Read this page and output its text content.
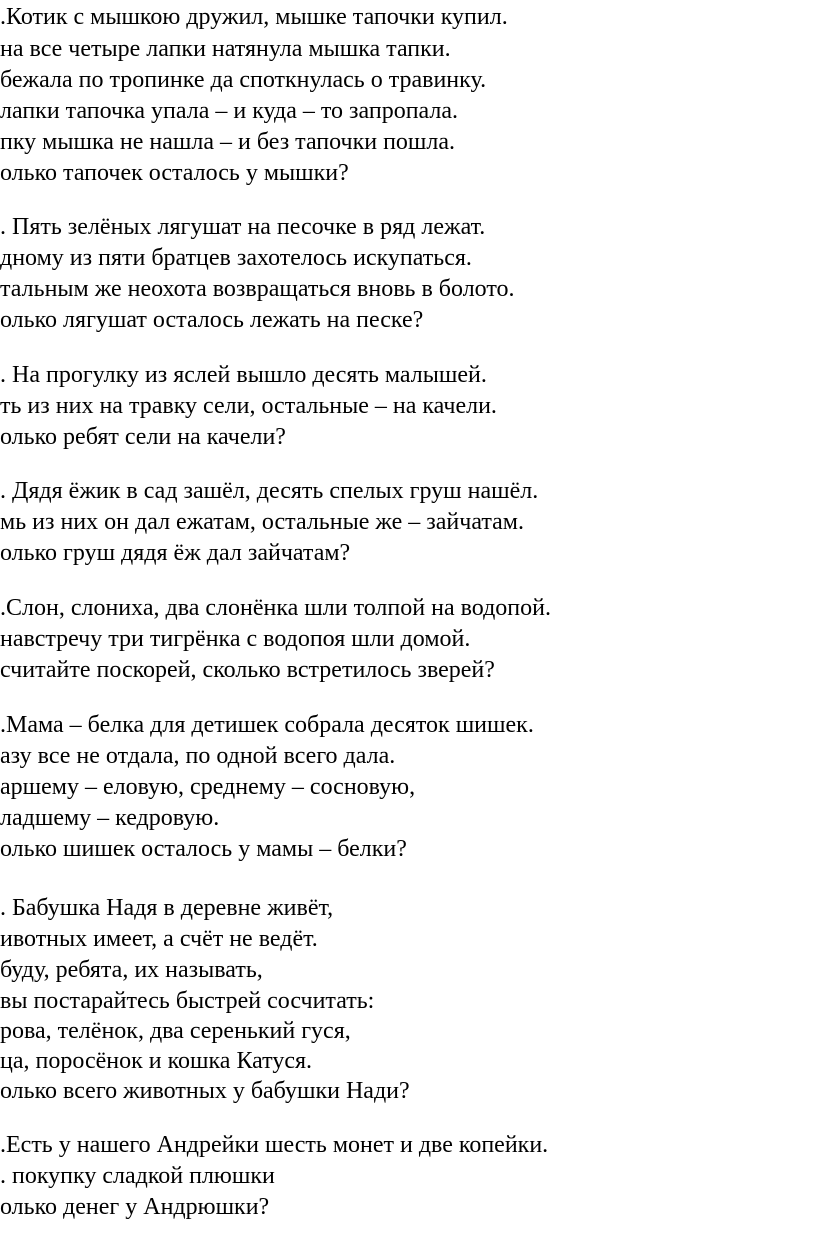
.Котик с мышкою дружил, мышке тапочки купил.

на все четыре лапки натянула мышка тапки.

бежала по тропинке да споткнулась о травинку.

лапки тапочка упала – и куда – то запропала.

пку мышка не нашла – и без тапочки пошла.

олько тапочек осталось у мышки?

. Пять зелёных лягушат на песочке в ряд лежат.

дному из пяти братцев захотелось искупаться.

тальным же неохота возвращаться вновь в болото.

олько лягушат осталось лежать на песке?

. На прогулку из яслей вышло десять малышей.

ть из них на травку сели, остальные – на качели.

олько ребят сели на качели?

. Дядя ёжик в сад зашёл, десять спелых груш нашёл.

мь из них он дал ежатам, остальные же – зайчатам.

олько груш дядя ёж дал зайчатам?

.Слон, слониха, два слонёнка шли толпой на водопой.

навстречу три тигрёнка с водопоя шли домой.

считайте поскорей, сколько встретилось зверей?

.Мама – белка для детишек собрала десяток шишек.

азу все не отдала, по одной всего дала.

аршему – еловую, среднему – сосновую,

ладшему – кедровую.

олько шишек осталось у мамы – белки?

. Бабушка Надя в деревне живёт,

ивотных имеет, а счёт не ведёт.

буду, ребята, их называть,

вы постарайтесь быстрей сосчитать:

рова, телёнок, два серенький гуся,

ца, поросёнок и кошка Катуся.

олько всего животных у бабушки Нади?

.Есть у нашего Андрейки шесть монет и две копейки.

. покупку сладкой плюшки

олько денег у Андрюшки?
